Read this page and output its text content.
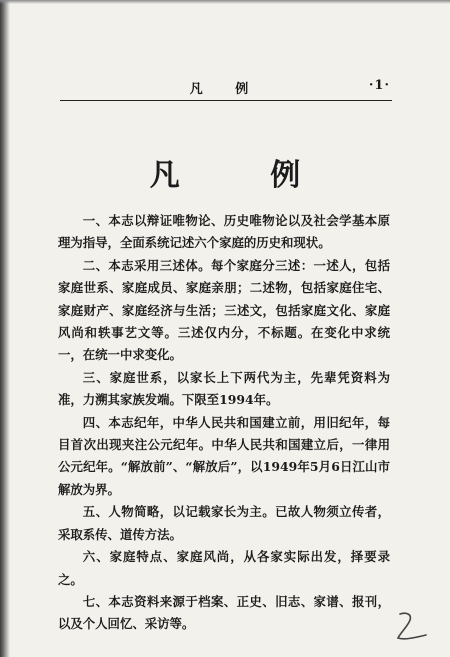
凡 例	·1·
凡 例

一、本志以辩证唯物论、历史唯物论以及社会学基本原理为指导，全面系统记述六个家庭的历史和现状。

二、本志采用三述体。每个家庭分三述：一述人，包括家庭世系、家庭成员、家庭亲朋；二述物，包括家庭住宅、家庭财产、家庭经济与生活；三述文，包括家庭文化、家庭风尚和轶事艺文等。三述仅内分，不标题。在变化中求统一，在统一中求变化。

三、家庭世系，以家长上下两代为主，先辈凭资料为准，力溯其家族发端。下限至1994年。

四、本志纪年，中华人民共和国建立前，用旧纪年，每目首次出现夹注公元纪年。中华人民共和国建立后，一律用公元纪年。“解放前”、“解放后”，以1949年5月6日江山市解放为界。

五、人物简略，以记载家长为主。已故人物须立传者，采取系传、道传方法。

六、家庭特点、家庭风尚，从各家实际出发，择要录之。

七、本志资料来源于档案、正史、旧志、家谱、报刊，以及个人回忆、采访等。
